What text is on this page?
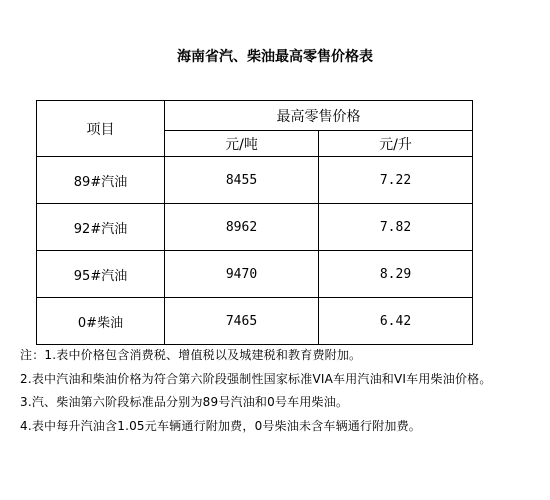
海南省汽、柴油最高零售价格表
项目	最高零售价格	
	元/吨	元/升
89#汽油	8455	7.22
92#汽油	8962	7.82
95#汽油	9470	8.29
0#柴油	7465	6.42

注：1.表中价格包含消费税、增值税以及城建税和教育费附加。

2.表中汽油和柴油价格为符合第六阶段强制性国家标准VIA车用汽油和VI车用柴油价格。

3.汽、柴油第六阶段标准品分别为89号汽油和0号车用柴油。

4.表中每升汽油含1.05元车辆通行附加费，0号柴油未含车辆通行附加费。
